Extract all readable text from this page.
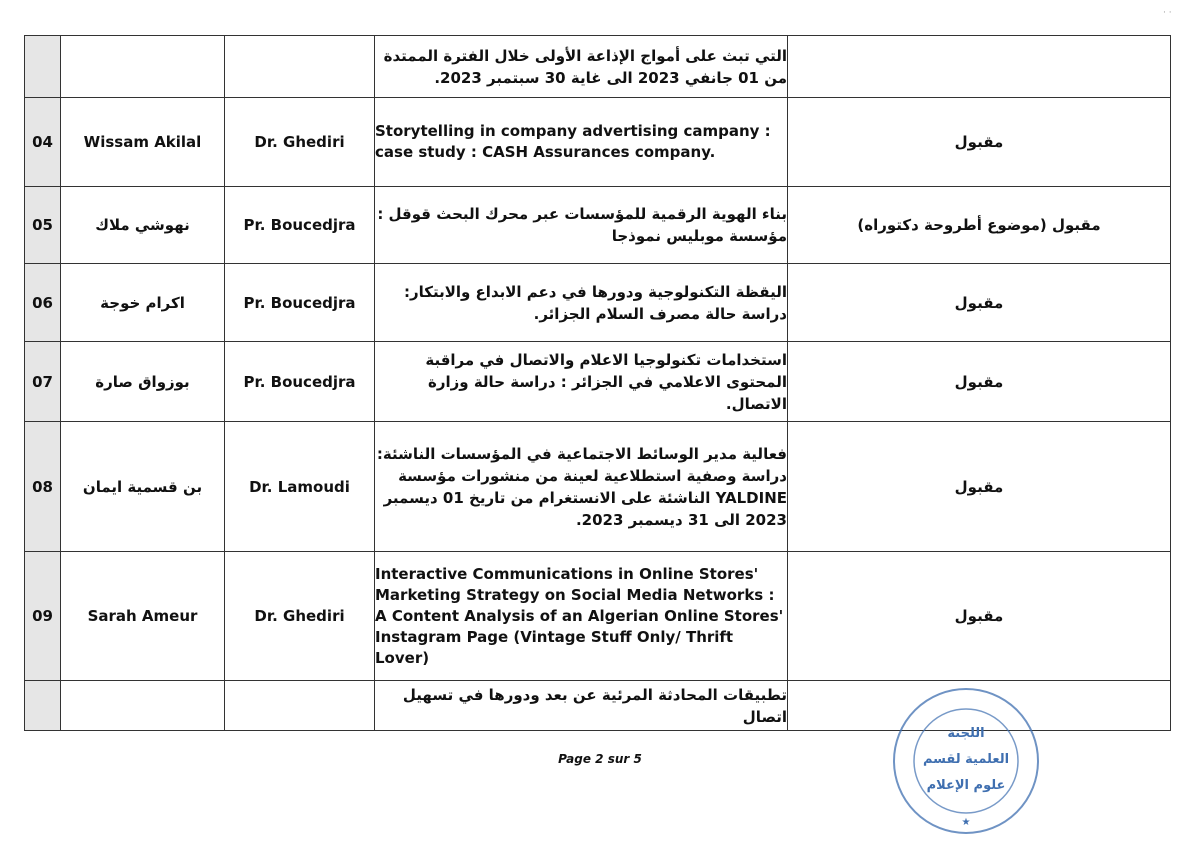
· ·
			التي تبث على أمواج الإذاعة الأولى خلال الفترة الممتدة من 01 جانفي 2023 الى غاية 30 سبتمبر 2023.	
04	Wissam Akilal	Dr. Ghediri	Storytelling in company advertising campany : case study : CASH Assurances company.	مقبول
05	نهوشي ملاك	Pr. Boucedjra	بناء الهوية الرقمية للمؤسسات عبر محرك البحث قوقل : مؤسسة موبليس نموذجا	مقبول (موضوع أطروحة دكتوراه)
06	اكرام خوجة	Pr. Boucedjra	اليقظة التكنولوجية ودورها في دعم الابداع والابتكار: دراسة حالة مصرف السلام الجزائر.	مقبول
07	بوزواق صارة	Pr. Boucedjra	استخدامات تكنولوجيا الاعلام والاتصال في مراقبة المحتوى الاعلامي في الجزائر : دراسة حالة وزارة الاتصال.	مقبول
08	بن قسمية ايمان	Dr. Lamoudi	فعالية مدير الوسائط الاجتماعية في المؤسسات الناشئة: دراسة وصفية استطلاعية لعينة من منشورات مؤسسة YALDINE الناشئة على الانستغرام من تاريخ 01 ديسمبر 2023 الى 31 ديسمبر 2023.	مقبول
09	Sarah Ameur	Dr. Ghediri	Interactive Communications in Online Stores' Marketing Strategy on Social Media Networks : A Content Analysis of an Algerian Online Stores' Instagram Page (Vintage Stuff Only/ Thrift Lover)	مقبول
			تطبيقات المحادثة المرئية عن بعد ودورها في تسهيل اتصال	
Page 2 sur 5
اللجنة
العلمية لقسم
علوم الإعلام
★
